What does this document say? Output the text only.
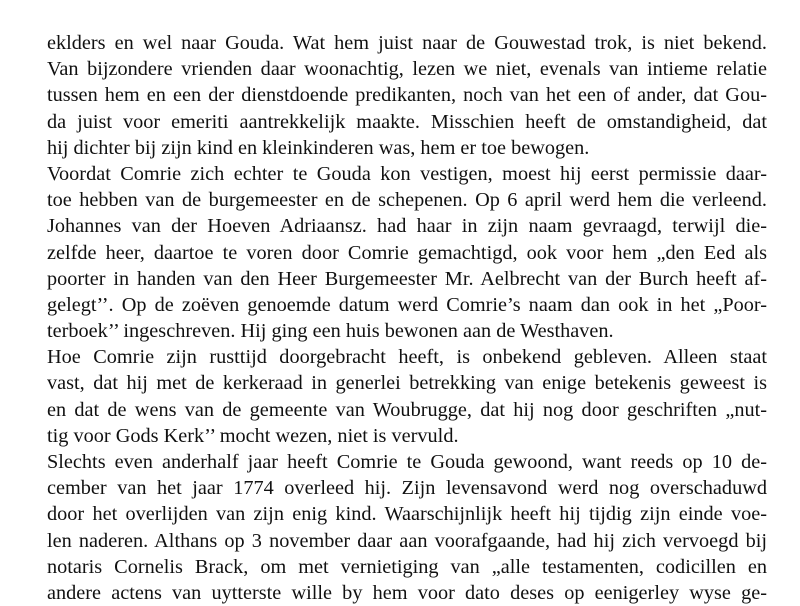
eklders en wel naar Gouda. Wat hem juist naar de Gouwestad trok, is niet bekend.
Van bijzondere vrienden daar woonachtig, lezen we niet, evenals van intieme relatie
tussen hem en een der dienstdoende predikanten, noch van het een of ander, dat Gou-
da juist voor emeriti aantrekkelijk maakte. Misschien heeft de omstandigheid, dat
hij dichter bij zijn kind en kleinkinderen was, hem er toe bewogen.
Voordat Comrie zich echter te Gouda kon vestigen, moest hij eerst permissie daar-
toe hebben van de burgemeester en de schepenen. Op 6 april werd hem die verleend.
Johannes van der Hoeven Adriaansz. had haar in zijn naam gevraagd, terwijl die-
zelfde heer, daartoe te voren door Comrie gemachtigd, ook voor hem „den Eed als
poorter in handen van den Heer Burgemeester Mr. Aelbrecht van der Burch heeft af-
gelegt’’. Op de zoëven genoemde datum werd Comrie’s naam dan ook in het „Poor-
terboek’’ ingeschreven. Hij ging een huis bewonen aan de Westhaven.
Hoe Comrie zijn rusttijd doorgebracht heeft, is onbekend gebleven. Alleen staat
vast, dat hij met de kerkeraad in generlei betrekking van enige betekenis geweest is
en dat de wens van de gemeente van Woubrugge, dat hij nog door geschriften „nut-
tig voor Gods Kerk’’ mocht wezen, niet is vervuld.
Slechts even anderhalf jaar heeft Comrie te Gouda gewoond, want reeds op 10 de-
cember van het jaar 1774 overleed hij. Zijn levensavond werd nog overschaduwd
door het overlijden van zijn enig kind. Waarschijnlijk heeft hij tijdig zijn einde voe-
len naderen. Althans op 3 november daar aan voorafgaande, had hij zich vervoegd bij
notaris Cornelis Brack, om met vernietiging van „alle testamenten, codicillen en
andere actens van uytterste wille by hem voor dato deses op eenigerley wyse ge-
